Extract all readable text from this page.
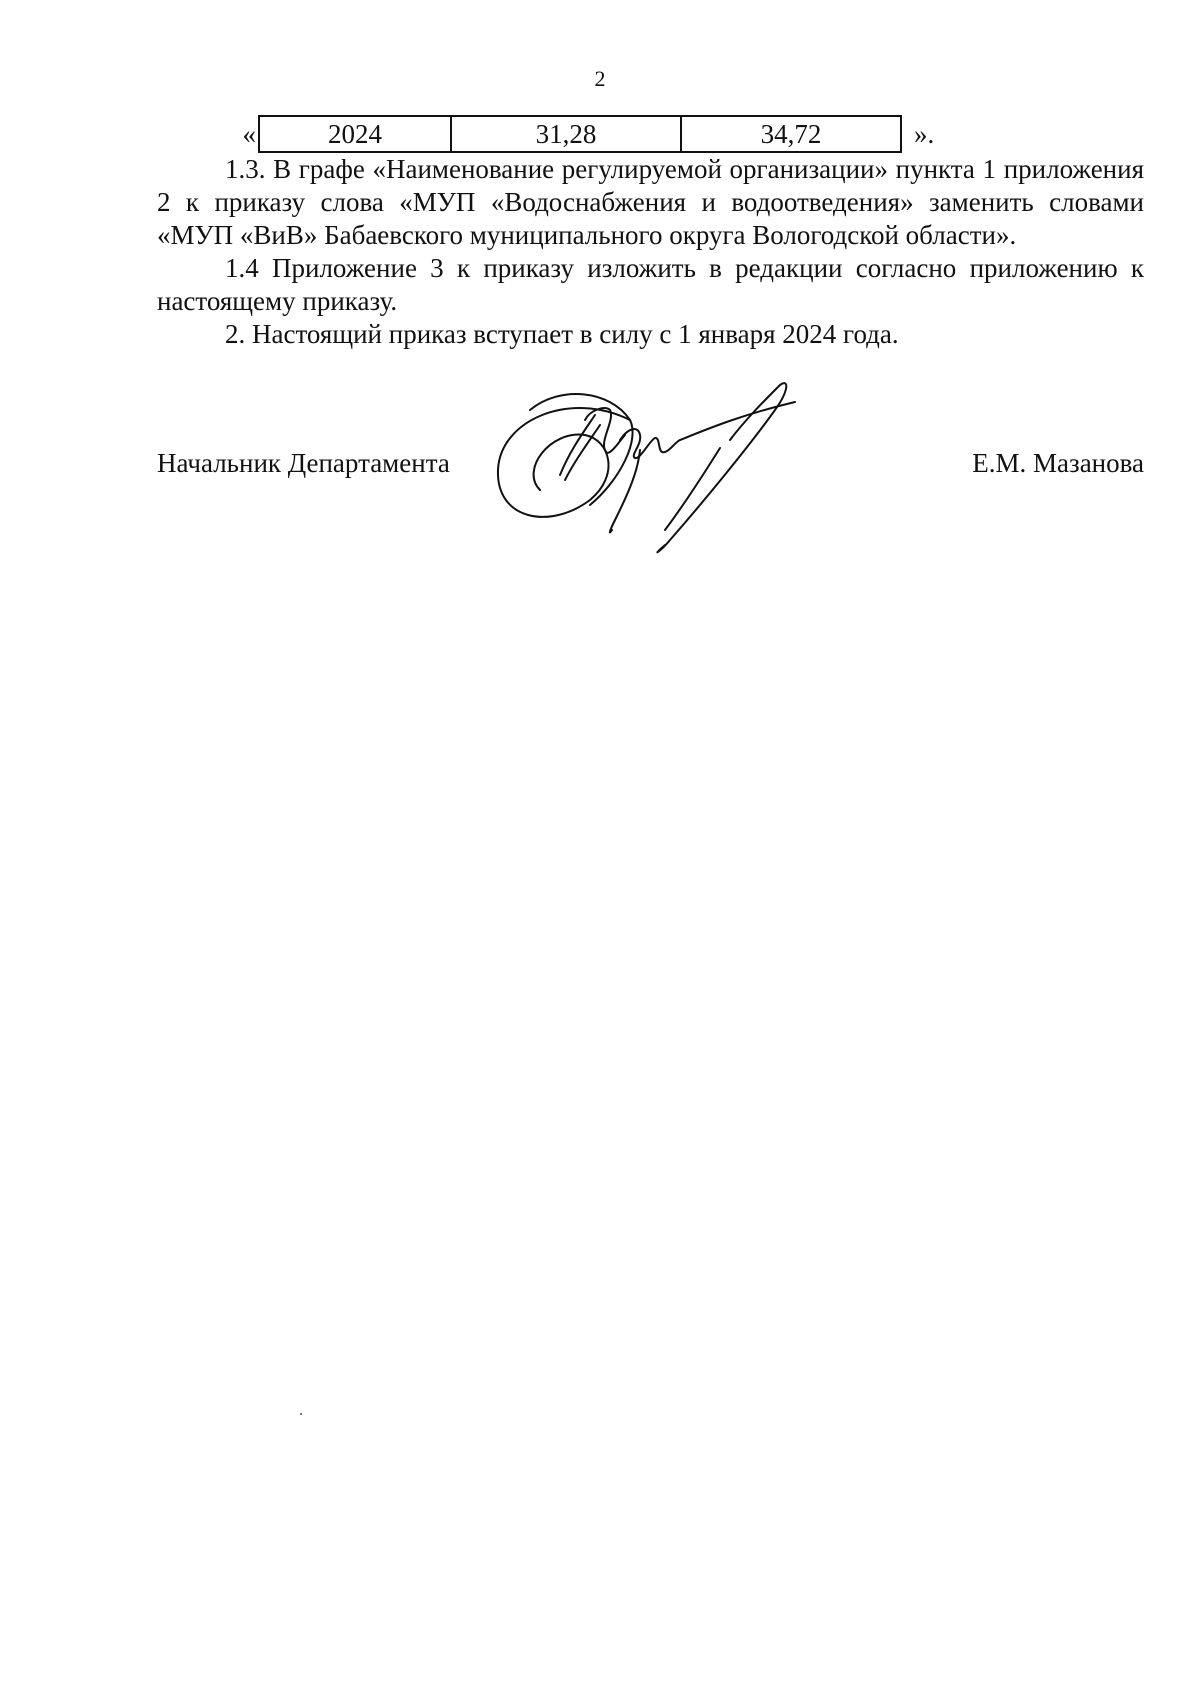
2
«	2024	31,28	34,72	».

1.3. В графе «Наименование регулируемой организации» пункта 1 приложения 2 к приказу слова «МУП «Водоснабжения и водоотведения» заменить словами «МУП «ВиВ» Бабаевского муниципального округа Вологодской области».

1.4 Приложение 3 к приказу изложить в редакции согласно приложению к настоящему приказу.

2. Настоящий приказ вступает в силу с 1 января 2024 года.

Начальник Департамента	Е.М. Мазанова
